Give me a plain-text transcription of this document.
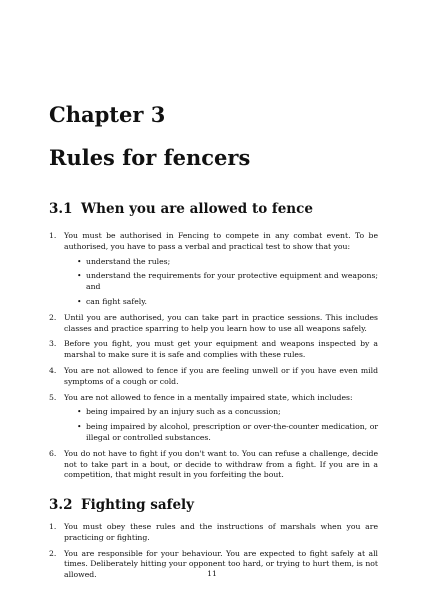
Chapter 3
Rules for fencers
3.1 When you are allowed to fence
1. You must be authorised in Fencing to compete in any combat event. To be authorised, you have to pass a verbal and practical test to show that you:
• understand the rules;
• understand the requirements for your protective equipment and weapons; and
• can fight safely.
2. Until you are authorised, you can take part in practice sessions. This includes classes and practice sparring to help you learn how to use all weapons safely.
3. Before you fight, you must get your equipment and weapons inspected by a marshal to make sure it is safe and complies with these rules.
4. You are not allowed to fence if you are feeling unwell or if you have even mild symptoms of a cough or cold.
5. You are not allowed to fence in a mentally impaired state, which includes:
• being impaired by an injury such as a concussion;
• being impaired by alcohol, prescription or over-the-counter medication, or illegal or controlled substances.
6. You do not have to fight if you don't want to. You can refuse a challenge, decide not to take part in a bout, or decide to withdraw from a fight. If you are in a competition, that might result in you forfeiting the bout.
3.2 Fighting safely
1. You must obey these rules and the instructions of marshals when you are practicing or fighting.
2. You are responsible for your behaviour. You are expected to fight safely at all times. Deliberately hitting your opponent too hard, or trying to hurt them, is not allowed.	11
